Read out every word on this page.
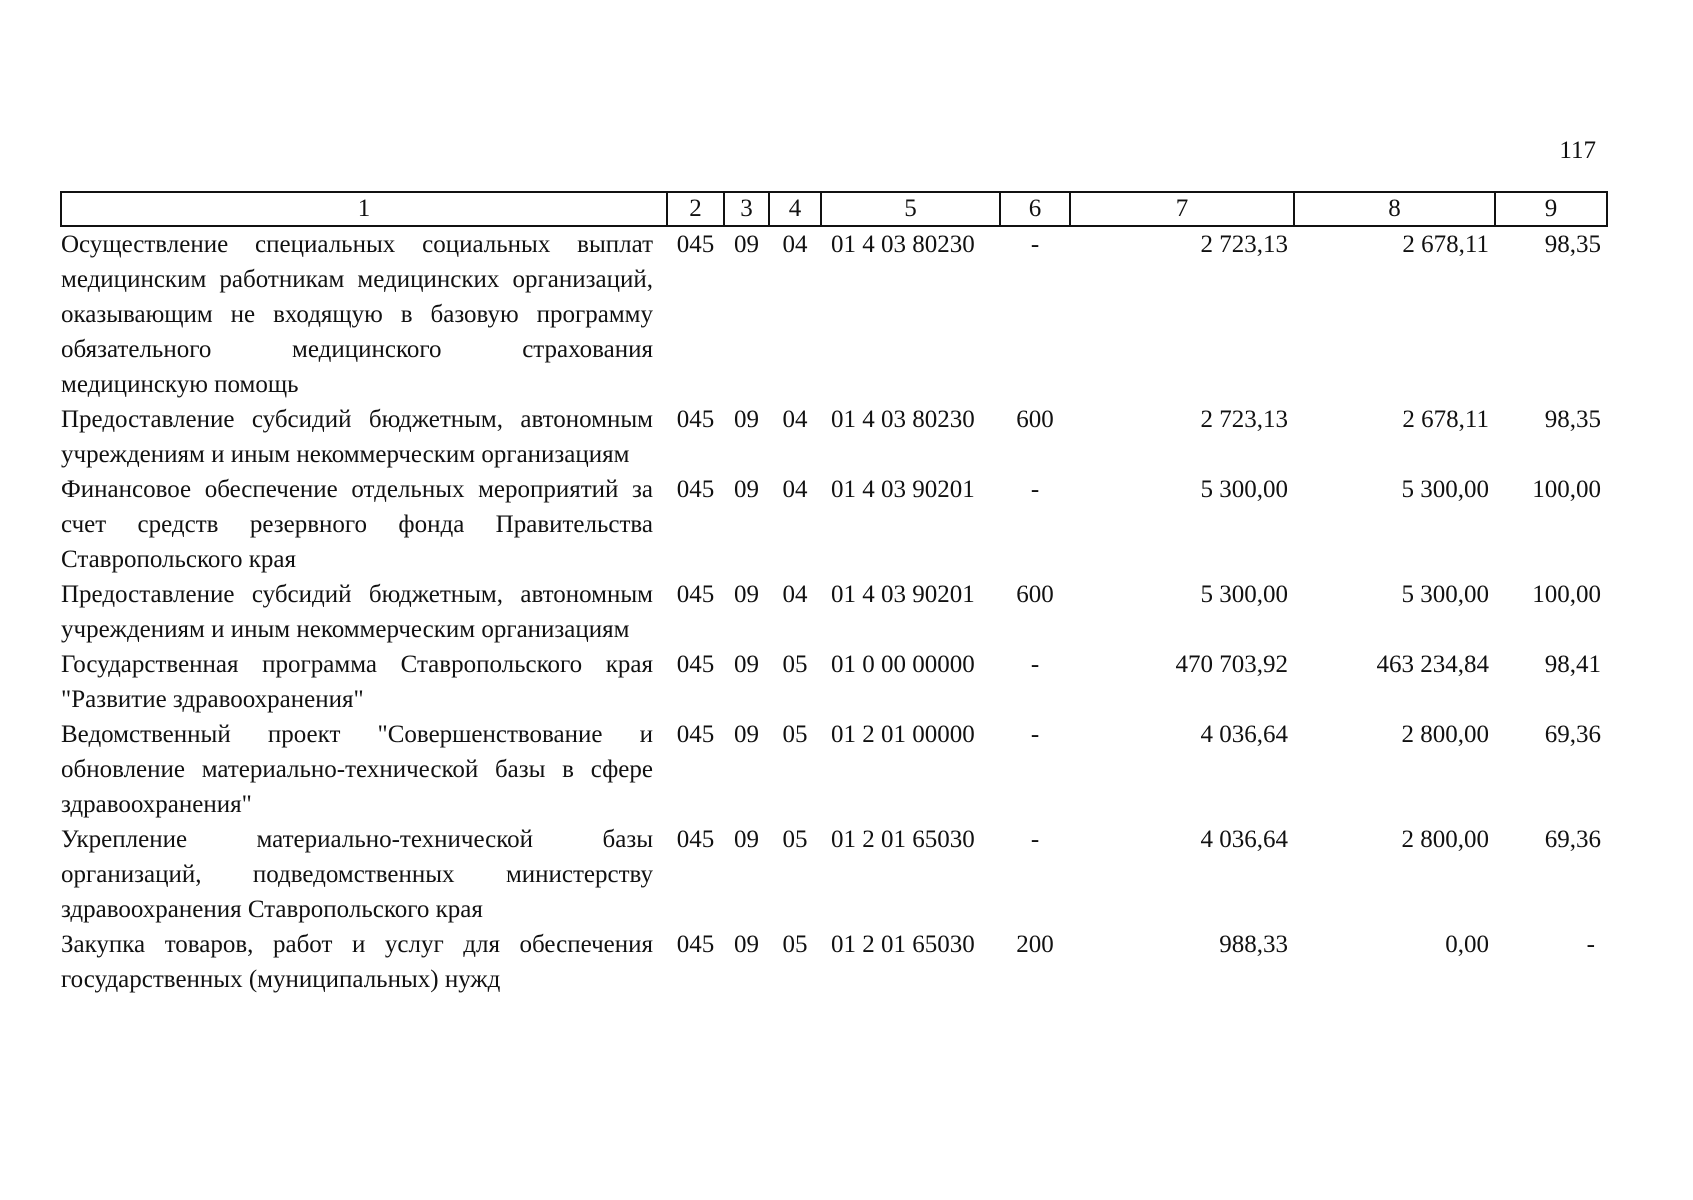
117
1	2	3	4	5	6	7	8	9
Осуществление специальных социальных выплат медицинским работникам медицинских организаций, оказывающим не входящую в базовую программу обязательного медицинского страхования медицинскую помощь	045	09	04	01 4 03 80230	-	2 723,13	2 678,11	98,35
Предоставление субсидий бюджетным, автономным учреждениям и иным некоммерческим организациям	045	09	04	01 4 03 80230	600	2 723,13	2 678,11	98,35
Финансовое обеспечение отдельных мероприятий за счет средств резервного фонда Правительства Ставропольского края	045	09	04	01 4 03 90201	-	5 300,00	5 300,00	100,00
Предоставление субсидий бюджетным, автономным учреждениям и иным некоммерческим организациям	045	09	04	01 4 03 90201	600	5 300,00	5 300,00	100,00
Государственная программа Ставропольского края "Развитие здравоохранения"	045	09	05	01 0 00 00000	-	470 703,92	463 234,84	98,41
Ведомственный проект "Совершенствование и обновление материально-технической базы в сфере здравоохранения"	045	09	05	01 2 01 00000	-	4 036,64	2 800,00	69,36
Укрепление материально-технической базы организаций, подведомственных министерству здравоохранения Ставропольского края	045	09	05	01 2 01 65030	-	4 036,64	2 800,00	69,36
Закупка товаров, работ и услуг для обеспечения государственных (муниципальных) нужд	045	09	05	01 2 01 65030	200	988,33	0,00	-
